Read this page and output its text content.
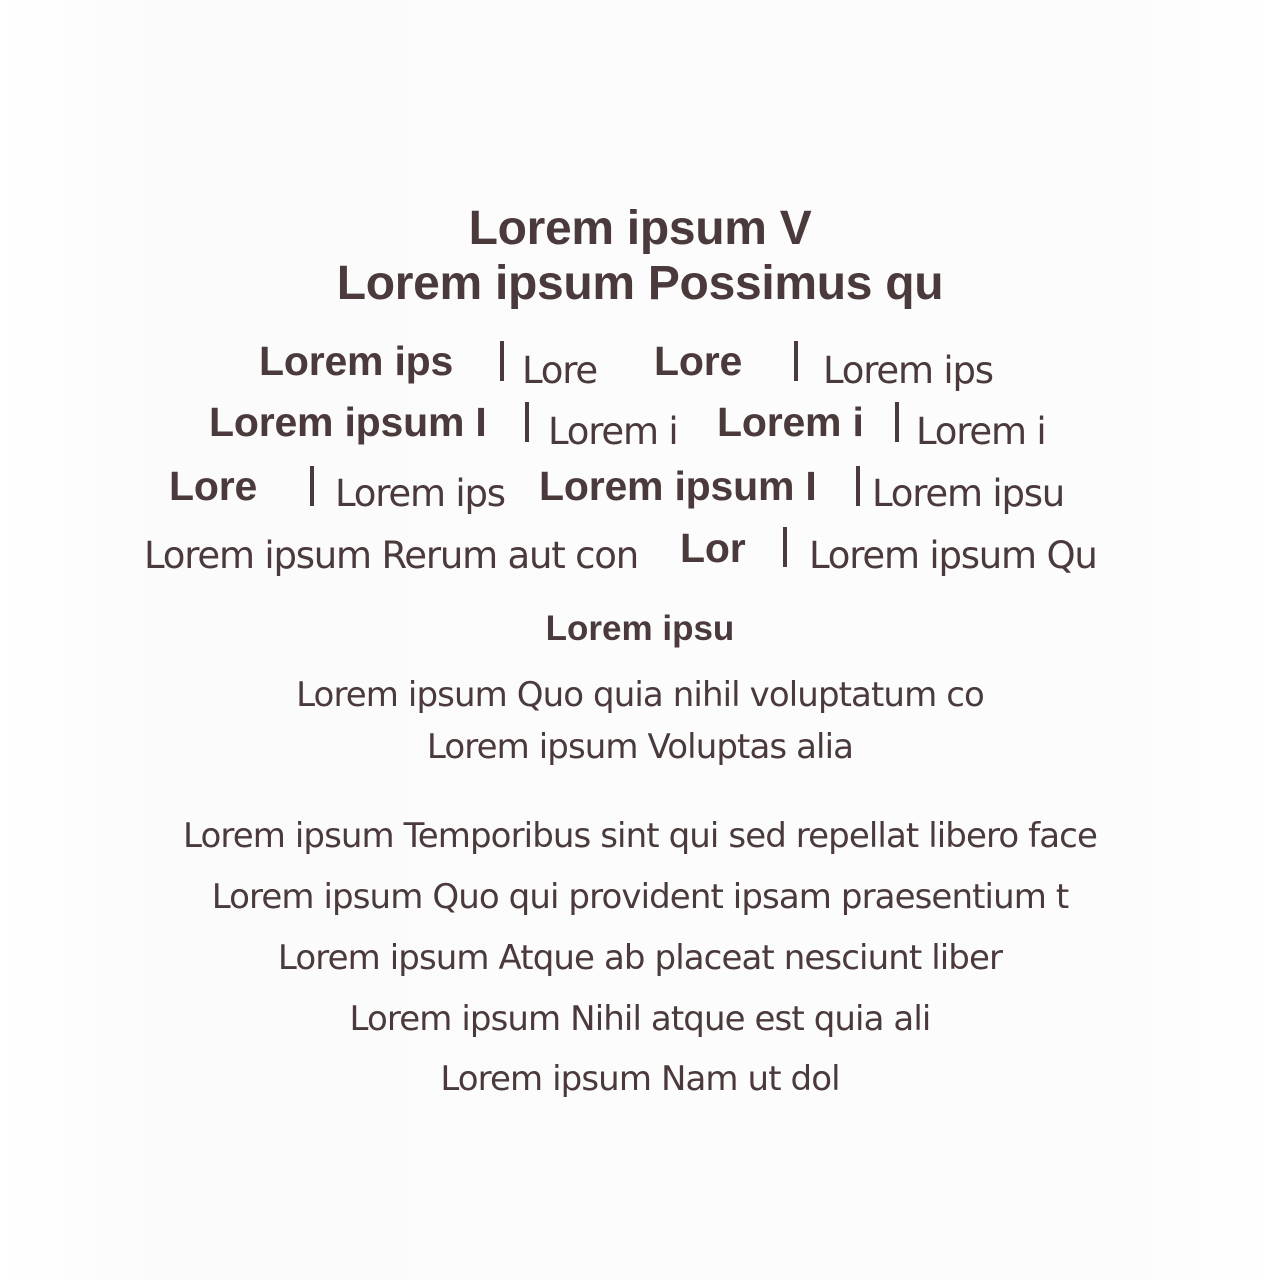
Lorem ipsum V
Lorem ipsum Possimus qu
Lorem ips Lore Lore Lorem ips
Lorem ipsum I Lorem i Lorem i Lorem i
Lore Lorem ips Lorem ipsum I Lorem ipsu
Lorem ipsum Rerum aut con Lor Lorem ipsum Qu
Lorem ipsu
Lorem ipsum Quo quia nihil voluptatum co
Lorem ipsum Voluptas alia
Lorem ipsum Temporibus sint qui sed repellat libero face
Lorem ipsum Quo qui provident ipsam praesentium t
Lorem ipsum Atque ab placeat nesciunt liber
Lorem ipsum Nihil atque est quia ali
Lorem ipsum Nam ut dol
